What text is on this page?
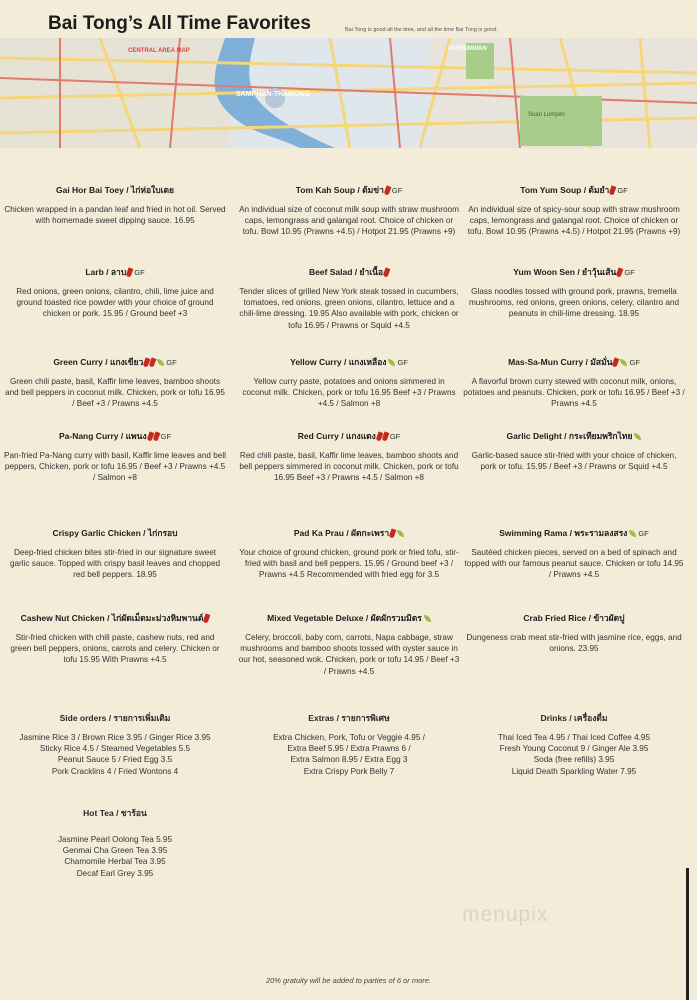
Bai Tong’s All Time Favorites	Bai Tong is good all the time, and all the time Bai Tong is good.
CENTRAL AREA MAP
SAMPHAN-THAWONG
PATHUMWAN
Suan Lumpini
Gai Hor Bai Toey / ไก่ห่อใบเตย

Chicken wrapped in a pandan leaf and fried in hot oil. Served with homemade sweet dipping sauce. 16.95

Tom Kah Soup / ต้มข่า GF

An individual size of coconut milk soup with straw mushroom caps, lemongrass and galangal root. Choice of chicken or tofu. Bowl 10.95 (Prawns +4.5) / Hotpot 21.95 (Prawns +9)

Tom Yum Soup / ต้มยำ GF

An individual size of spicy-sour soup with straw mushroom caps, lemongrass and galangal root. Choice of chicken or tofu. Bowl 10.95 (Prawns +4.5) / Hotpot 21.95 (Prawns +9)

Larb / ลาบ GF

Red onions, green onions, cilantro, chili, lime juice and ground toasted rice powder with your choice of ground chicken or pork. 15.95 / Ground beef +3

Beef Salad / ยำเนื้อ

Tender slices of grilled New York steak tossed in cucumbers, tomatoes, red onions, green onions, cilantro, lettuce and a chili-lime dressing. 19.95 Also available with pork, chicken or tofu 16.95 / Prawns or Squid +4.5

Yum Woon Sen / ยำวุ้นเส้น GF

Glass noodles tossed with ground pork, prawns, tremella mushrooms, red onions, green onions, celery, cilantro and peanuts in chili-lime dressing. 18.95

Green Curry / แกงเขียว	GF

Green chili paste, basil, Kaffir lime leaves, bamboo shoots and bell peppers in coconut milk. Chicken, pork or tofu 16.95 / Beef +3 / Prawns +4.5

Yellow Curry / แกงเหลือง GF

Yellow curry paste, potatoes and onions simmered in coconut milk. Chicken, pork or tofu 16.95 Beef +3 / Prawns +4.5 / Salmon +8

Mas-Sa-Mun Curry / มัสมั่น GF

A flavorful brown curry stewed with coconut milk, onions, potatoes and peanuts. Chicken, pork or tofu 16.95 / Beef +3 / Prawns +4.5

Pa-Nang Curry / แพนง GF

Pan-fried Pa-Nang curry with basil, Kaffir lime leaves and bell peppers, Chicken, pork or tofu 16.95 / Beef +3 / Prawns +4.5 / Salmon +8

Red Curry / แกงแดง GF

Red chili paste, basil, Kaffir lime leaves, bamboo shoots and bell peppers simmered in coconut milk. Chicken, pork or tofu 16.95 Beef +3 / Prawns +4.5 / Salmon +8

Garlic Delight / กระเทียมพริกไทย

Garlic-based sauce stir-fried with your choice of chicken, pork or tofu. 15.95 / Beef +3 / Prawns or Squid +4.5

Crispy Garlic Chicken / ไก่กรอบ

Deep-fried chicken bites stir-fried in our signature sweet garlic sauce. Topped with crispy basil leaves and chopped red bell peppers. 18.95

Pad Ka Prau / ผัดกะเพรา

Your choice of ground chicken, ground pork or fried tofu, stir-fried with basil and bell peppers. 15.95 / Ground beef +3 / Prawns +4.5 Recommended with fried egg for 3.5

Swimming Rama / พระรามลงสรง GF

Sautéed chicken pieces, served on a bed of spinach and topped with our famous peanut sauce. Chicken or tofu 14.95 / Prawns +4.5

Cashew Nut Chicken / ไก่ผัดเม็ดมะม่วงหิมพานต์

Stir-fried chicken with chili paste, cashew nuts, red and green bell peppers, onions, carrots and celery. Chicken or tofu 15.95 With Prawns +4.5

Mixed Vegetable Deluxe / ผัดผักรวมมิตร

Celery, broccoli, baby corn, carrots, Napa cabbage, straw mushrooms and bamboo shoots tossed with oyster sauce in our hot, seasoned wok. Chicken, pork or tofu 14.95 / Beef +3 / Prawns +4.5

Crab Fried Rice / ข้าวผัดปู

Dungeness crab meat stir-fried with jasmine rice, eggs, and onions. 23.95

Side orders / รายการเพิ่มเติม
Jasmine Rice 3 / Brown Rice 3.95 / Ginger Rice 3.95
Sticky Rice 4.5 / Steamed Vegetables 5.5
Peanut Sauce 5 / Fried Egg 3.5
Pork Cracklins 4 / Fried Wontons 4
Extras / รายการพิเศษ
Extra Chicken, Pork, Tofu or Veggie 4.95 /
Extra Beef 5.95 / Extra Prawns 6 /
Extra Salmon 8.95 / Extra Egg 3
Extra Crispy Pork Belly 7
Drinks / เครื่องดื่ม
Thai Iced Tea 4.95 / Thai Iced Coffee 4.95
Fresh Young Coconut 9 / Ginger Ale 3.95
Soda (free refills) 3.95
Liquid Death Sparkling Water 7.95
Hot Tea / ชาร้อน
Jasmine Pearl Oolong Tea 5.95
Genmai Cha Green Tea 3.95
Chamomile Herbal Tea 3.95
Decaf Earl Grey 3.95
menupix
20% gratuity will be added to parties of 6 or more.
